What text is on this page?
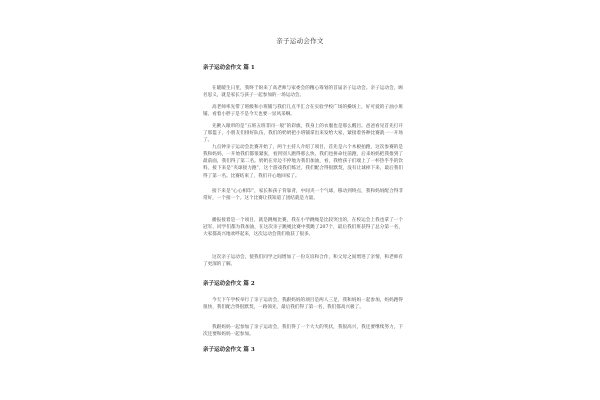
亲子运动会作文
亲子运动会作文 篇 1

在暖暖生日里，我终于盼来了高老师与家委会的精心筹划的首届亲子运动会。亲子运动会，顾名思义，就是家长与孩子一起参加的一场运动会。

高老师率先带了班级和小班铺与我们几点半汇合在实验学校广场的操场上，好可爱的子油小班铺。看着小胖子是不是今天也要一显风采啊。

先揪入眼帘的是“五班五班非同一般”的彩旗，我身上的衣服也是那么醒目。爸爸看见首先打开了那篮子，小朋友们排好队伍，我们的奶奶把小班铺拿出来发给大家，紧接着各种比赛就一一开场了。

九点钟亲子运动会比赛开始了，两个主持人介绍了项目，首先是六个木板拍跑，这次参赛的是我和妈妈，一开始我们都很紧张，看到别人跑得那么快，我们也拼命往前跑，后来妈妈把我推到了最前面，我们得了第二名。奶奶在旁边不停地为我们加油，看，我给孩子们端上了一杯热乎乎的饮料。接下来是“夹球接力跑”，这个游戏我们练过，我们配合得很默契，没有让球掉下来，最后我们得了第一名。比赛结束了，我们开心地回家了。

接下来是“心心相印”，家长和孩子背靠背，中间夹一个气球，移动到终点，我和妈妈配合得非常好，一个接一个。这个比赛让我知道了团结就是力量。

播报接着是一个项目，就是跳绳比赛，我在小学跳绳是比较突出的，在校运会上我也拿了一个冠军，同学们都为我加油，在这次亲子跳绳比赛中我跳了207个，最后我们班获得了总分第一名，大家都高兴地欢呼起来，这次运动会我们收获了很多。

这次亲子运动会，使我们同学之间增加了一份友谊和合作，和父母之间增进了亲情，和老师有了更深的了解。

亲子运动会作文 篇 2

今天下午学校举行了亲子运动会，我跟妈妈的项目是两人三足，我和妈妈一起参加，妈妈跑得很快，我们配合得很默契，一路领先，最后我们得了第一名，我们都高兴极了。

我跟妈妈一起参加了亲子运动会，我们得了一个大大的奖状，我很高兴，我还要继续努力，下次还要和妈妈一起参加。

亲子运动会作文 篇 3
